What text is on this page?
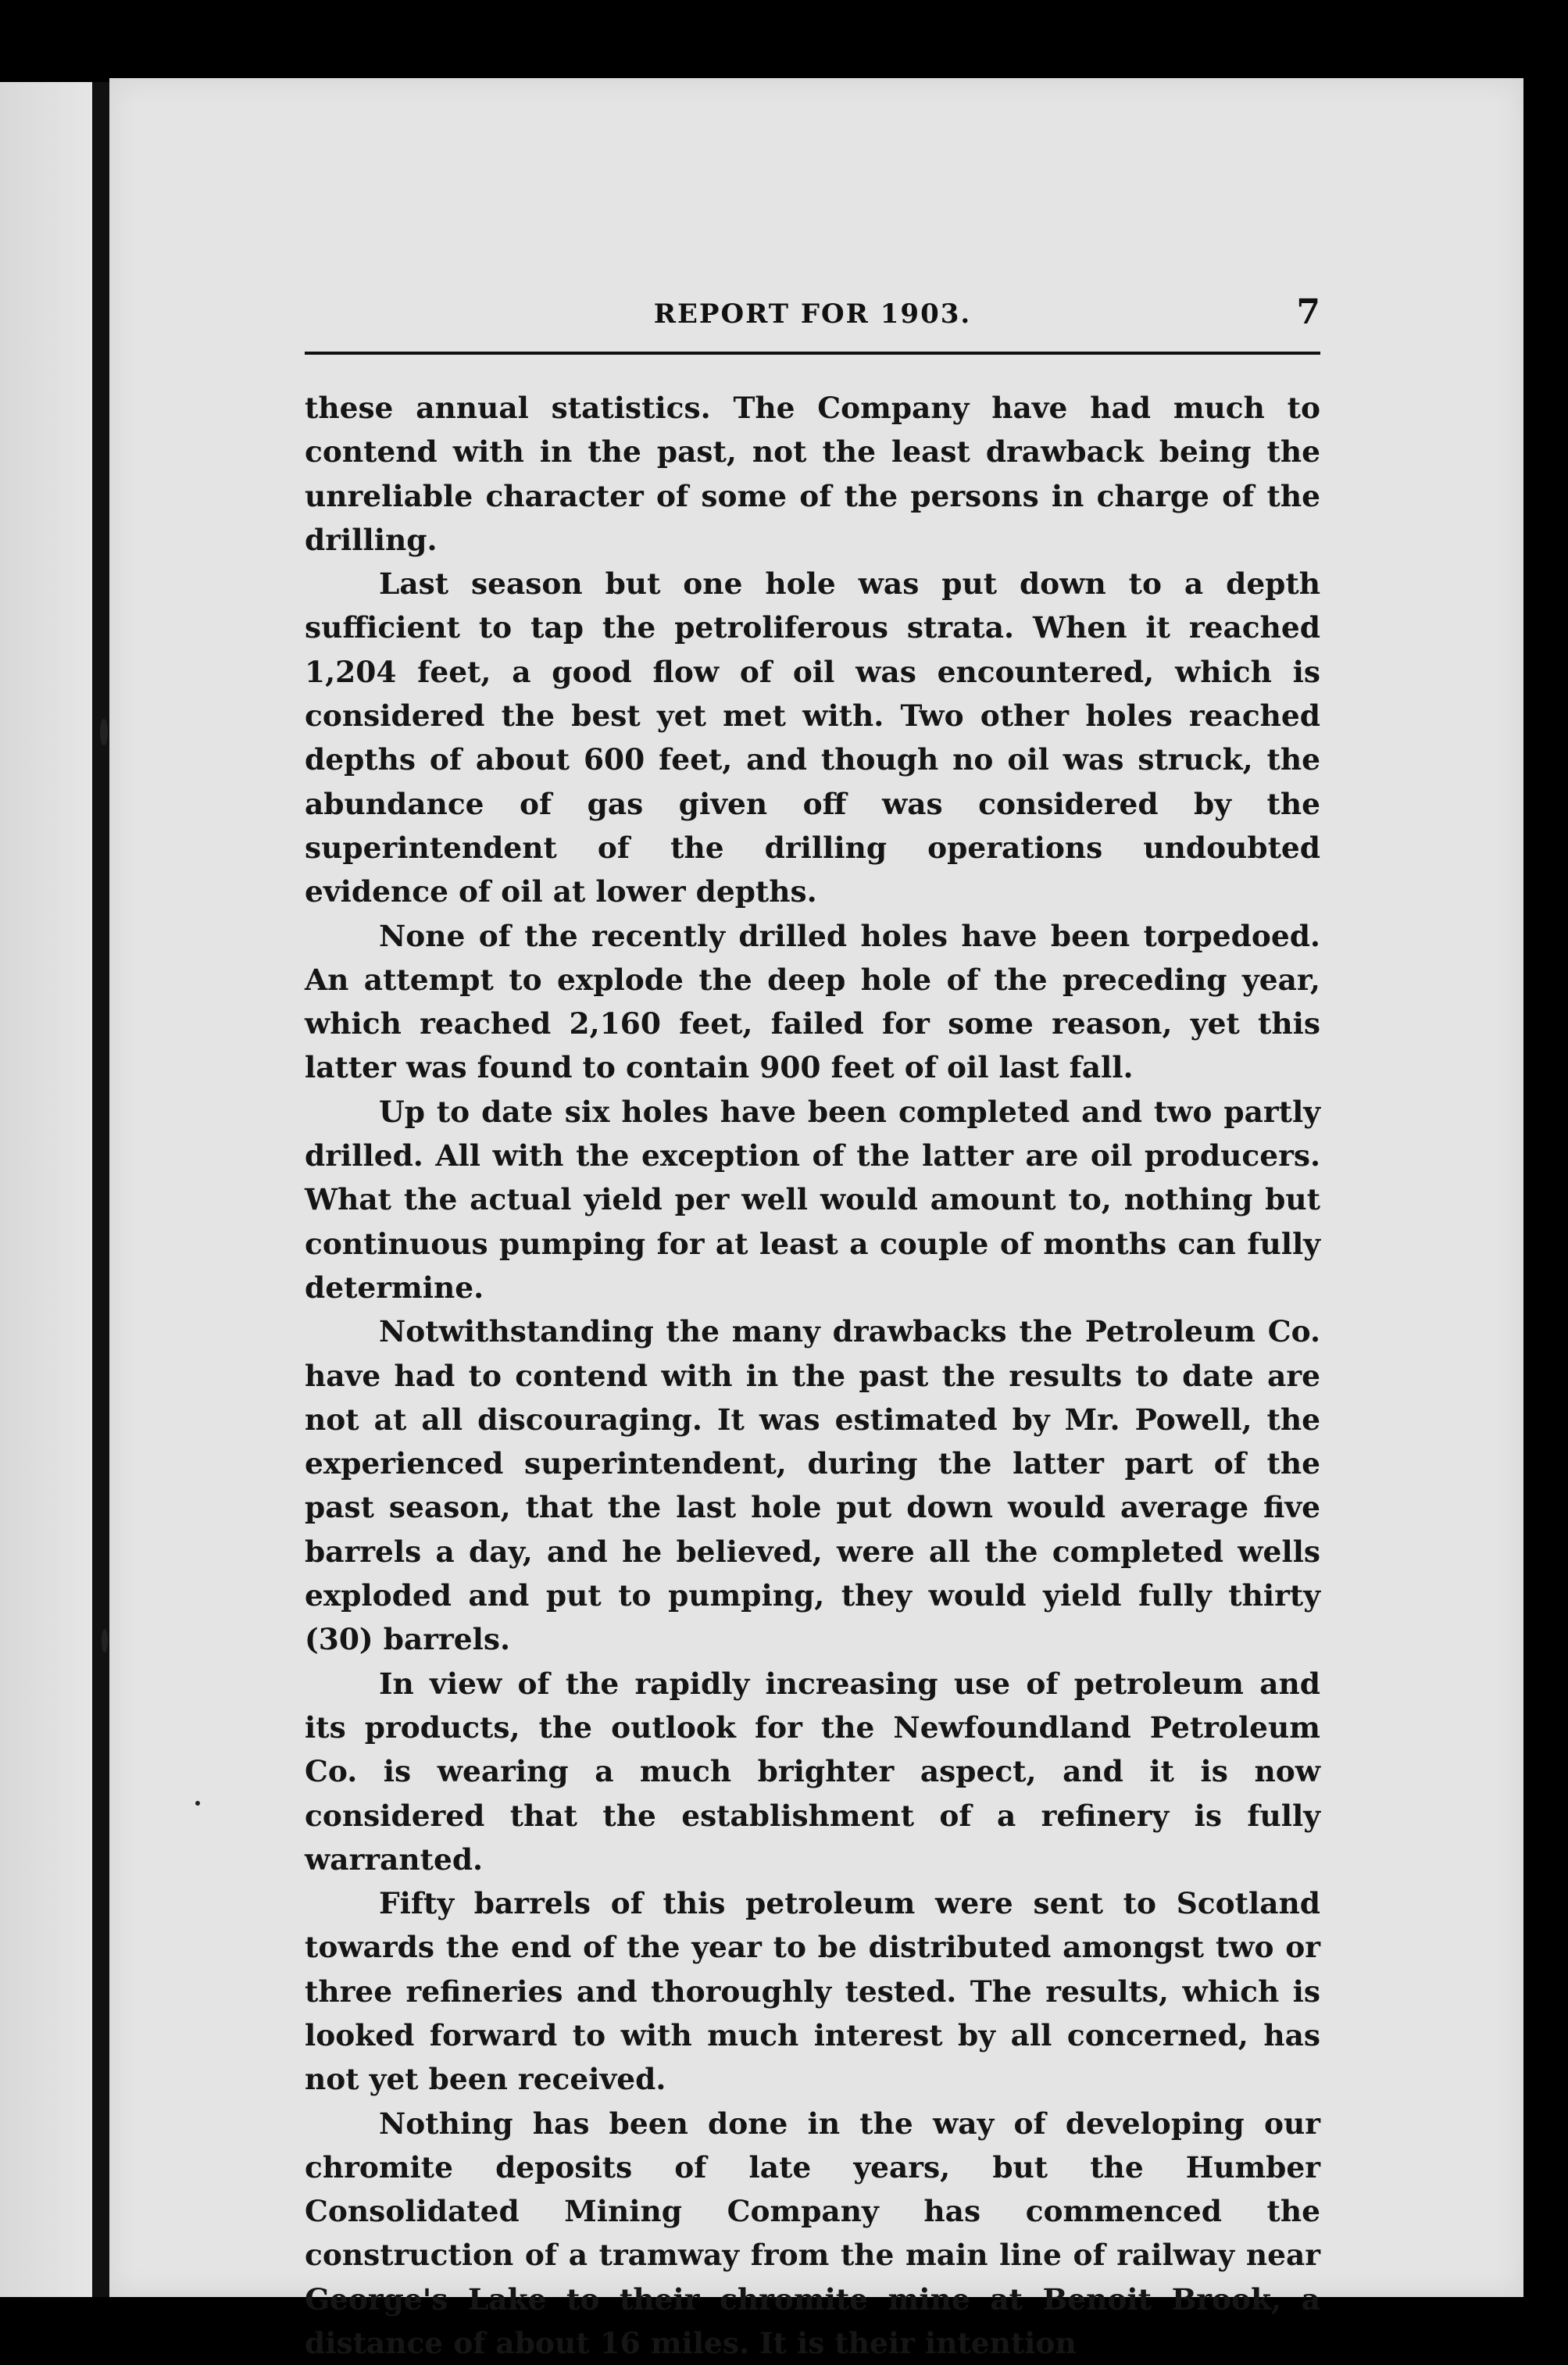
REPORT FOR 1903.	7

these annual statistics. The Company have had much to contend with in the past, not the least drawback being the unreliable character of some of the persons in charge of the drilling.

Last season but one hole was put down to a depth sufficient to tap the petroliferous strata. When it reached 1,204 feet, a good flow of oil was encountered, which is considered the best yet met with. Two other holes reached depths of about 600 feet, and though no oil was struck, the abundance of gas given off was considered by the superintendent of the drilling operations undoubted evidence of oil at lower depths.

None of the recently drilled holes have been torpedoed. An attempt to explode the deep hole of the preceding year, which reached 2,160 feet, failed for some reason, yet this latter was found to contain 900 feet of oil last fall.

Up to date six holes have been completed and two partly drilled. All with the exception of the latter are oil producers. What the actual yield per well would amount to, nothing but continuous pumping for at least a couple of months can fully determine.

Notwithstanding the many drawbacks the Petroleum Co. have had to contend with in the past the results to date are not at all discouraging. It was estimated by Mr. Powell, the experienced superintendent, during the latter part of the past season, that the last hole put down would average five barrels a day, and he believed, were all the completed wells exploded and put to pumping, they would yield fully thirty (30) barrels.

In view of the rapidly increasing use of petroleum and its products, the outlook for the Newfoundland Petroleum Co. is wearing a much brighter aspect, and it is now considered that the establishment of a refinery is fully warranted.

Fifty barrels of this petroleum were sent to Scotland towards the end of the year to be distributed amongst two or three refineries and thoroughly tested. The results, which is looked forward to with much interest by all concerned, has not yet been received.

Nothing has been done in the way of developing our chromite deposits of late years, but the Humber Consolidated Mining Company has commenced the construction of a tramway from the main line of railway near George's Lake to their chromite mine at Benoit Brook, a distance of about 16 miles. It is their intention
